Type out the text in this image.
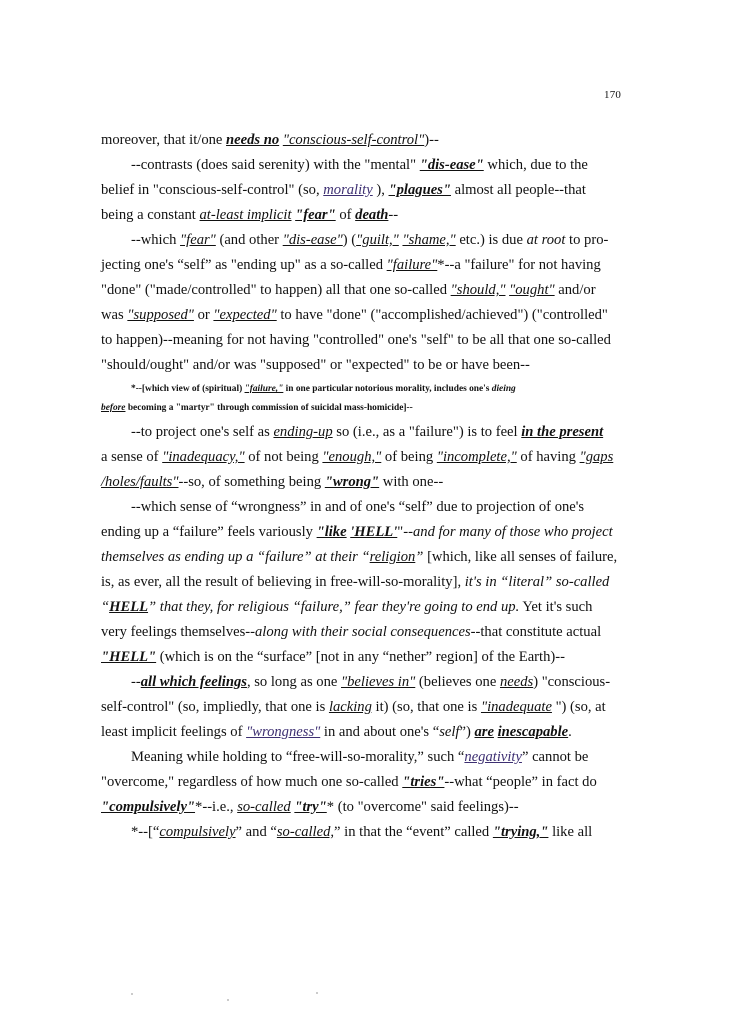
170
moreover, that it/one needs no "conscious-self-control")--
--contrasts (does said serenity) with the "mental" "dis-ease" which, due to the
belief in "conscious-self-control" (so, morality ), "plagues" almost all people--that
being a constant at-least implicit "fear" of death--
--which "fear" (and other "dis-ease") ("guilt," "shame," etc.) is due at root to pro-
jecting one's “self” as "ending up" as a so-called "failure"*--a "failure" for not having
"done" ("made/controlled" to happen) all that one so-called "should," "ought" and/or
was "supposed" or "expected" to have "done" ("accomplished/achieved") ("controlled"
to happen)--meaning for not having "controlled" one's "self" to be all that one so-called
"should/ought" and/or was "supposed" or "expected" to be or have been--
*--[which view of (spiritual) "failure," in one particular notorious morality, includes one's dieing
before becoming a "martyr" through commission of suicidal mass-homicide]--
--to project one's self as ending-up so (i.e., as a "failure") is to feel in the present
a sense of "inadequacy," of not being "enough," of being "incomplete," of having "gaps
/holes/faults"--so, of something being "wrong" with one--
--which sense of “wrongness” in and of one's “self” due to projection of one's
ending up a “failure” feels variously "like 'HELL'"--and for many of those who project
themselves as ending up a “failure” at their “religion” [which, like all senses of failure,
is, as ever, all the result of believing in free-will-so-morality], it's in “literal” so-called
“HELL” that they, for religious “failure,” fear they're going to end up. Yet it's such
very feelings themselves--along with their social consequences--that constitute actual
"HELL" (which is on the “surface” [not in any “nether” region] of the Earth)--
--all which feelings, so long as one "believes in" (believes one needs) "conscious-
self-control" (so, impliedly, that one is lacking it) (so, that one is "inadequate ") (so, at
least implicit feelings of "wrongness" in and about one's “self”) are inescapable.
Meaning while holding to “free-will-so-morality,” such “negativity” cannot be
"overcome," regardless of how much one so-called "tries"--what “people” in fact do
"compulsively"*--i.e., so-called "try"* (to "overcome" said feelings)--
*--[“compulsively” and “so-called,” in that the “event” called "trying," like all
